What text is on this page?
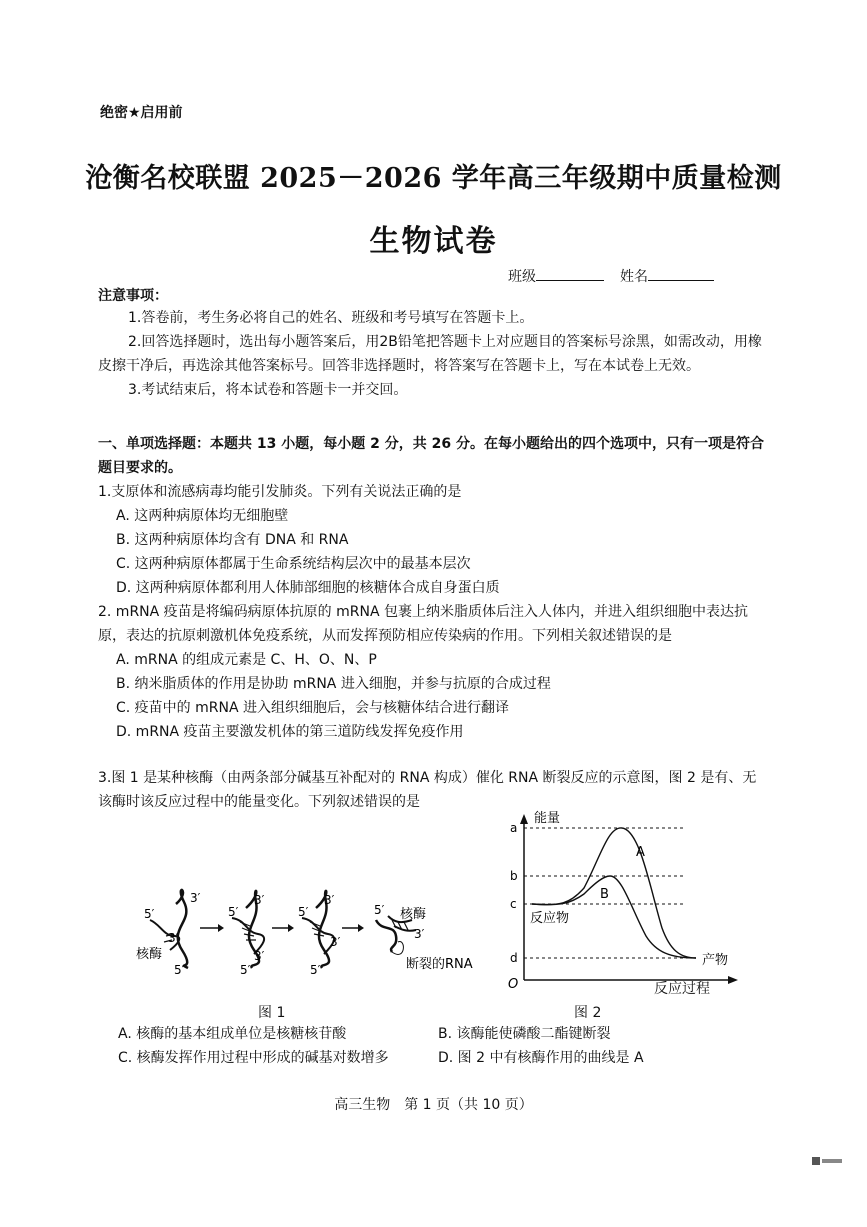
绝密★启用前
沧衡名校联盟 2025－2026 学年高三年级期中质量检测
生物试卷
班级	姓名
注意事项：

1.答卷前，考生务必将自己的姓名、班级和考号填写在答题卡上。

2.回答选择题时，选出每小题答案后，用2B铅笔把答题卡上对应题目的答案标号涂黑，如需改动，用橡皮擦干净后，再选涂其他答案标号。回答非选择题时，将答案写在答题卡上，写在本试卷上无效。

3.考试结束后，将本试卷和答题卡一并交回。

一、单项选择题：本题共 13 小题，每小题 2 分，共 26 分。在每小题给出的四个选项中，只有一项是符合题目要求的。

1.支原体和流感病毒均能引发肺炎。下列有关说法正确的是

A. 这两种病原体均无细胞壁

B. 这两种病原体均含有 DNA 和 RNA

C. 这两种病原体都属于生命系统结构层次中的最基本层次

D. 这两种病原体都利用人体肺部细胞的核糖体合成自身蛋白质

2. mRNA 疫苗是将编码病原体抗原的 mRNA 包裹上纳米脂质体后注入人体内，并进入组织细胞中表达抗原，表达的抗原刺激机体免疫系统，从而发挥预防相应传染病的作用。下列相关叙述错误的是

A. mRNA 的组成元素是 C、H、O、N、P

B. 纳米脂质体的作用是协助 mRNA 进入细胞，并参与抗原的合成过程

C. 疫苗中的 mRNA 进入组织细胞后，会与核糖体结合进行翻译

D. mRNA 疫苗主要激发机体的第三道防线发挥免疫作用

3.图 1 是某种核酶（由两条部分碱基互补配对的 RNA 构成）催化 RNA 断裂反应的示意图，图 2 是有、无该酶时该反应过程中的能量变化。下列叙述错误的是
5′
3′
3′
核酶
5′
5′
3′
3′
5′
5′
3′
3′
5′
5′ 核酶
3′
断裂的RNA
图 1
能量
O
a
b
c
d
A
B
反应物
产物
反应过程
图 2
A. 核酶的基本组成单位是核糖核苷酸	B. 该酶能使磷酸二酯键断裂
C. 核酶发挥作用过程中形成的碱基对数增多	D. 图 2 中有核酶作用的曲线是 A
高三生物　第 1 页（共 10 页）
